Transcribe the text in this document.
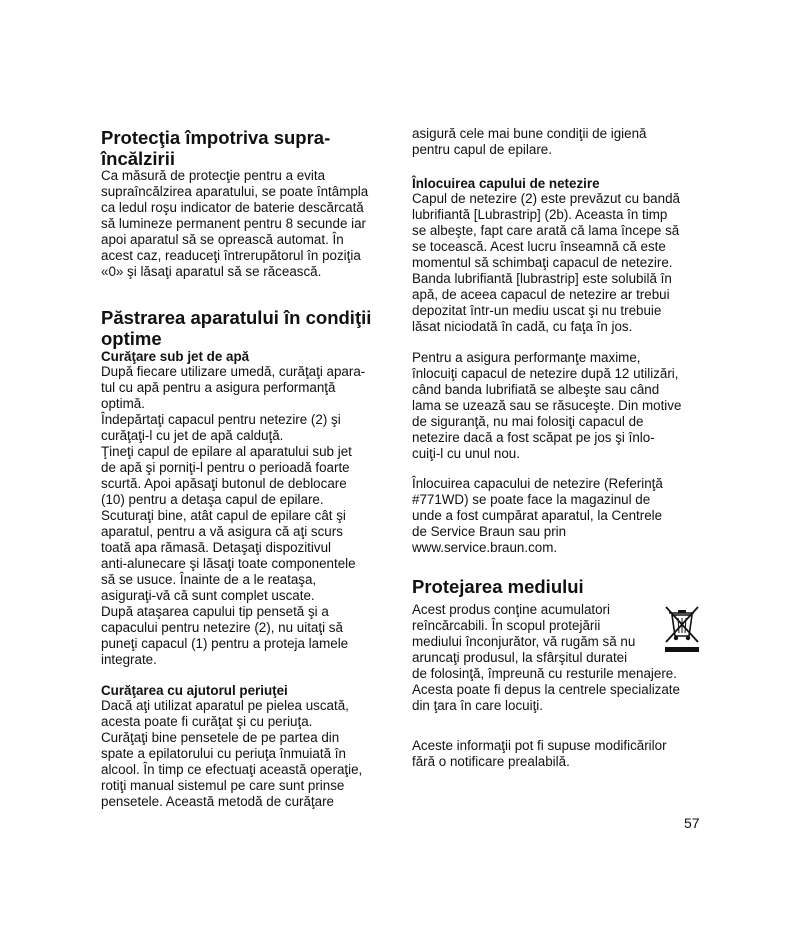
Protecţia împotriva supra-
încălzirii
Ca măsură de protecţie pentru a evita
supraîncălzirea aparatului, se poate întâmpla
ca ledul roşu indicator de baterie descărcată
să lumineze permanent pentru 8 secunde iar
apoi aparatul să se oprească automat. În
acest caz, readuceţi întrerupătorul în poziţia
«0» şi lăsaţi aparatul să se răcească.
Păstrarea aparatului în condiţii
optime
Curăţare sub jet de apă
După fiecare utilizare umedă, curăţaţi apara-
tul cu apă pentru a asigura performanţă
optimă.
Îndepărtaţi capacul pentru netezire (2) şi
curăţaţi-l cu jet de apă calduţă.
Ţineţi capul de epilare al aparatului sub jet
de apă şi porniţi-l pentru o perioadă foarte
scurtă. Apoi apăsaţi butonul de deblocare
(10) pentru a detaşa capul de epilare.
Scuturaţi bine, atât capul de epilare cât şi
aparatul, pentru a vă asigura că aţi scurs
toată apa rămasă. Detaşaţi dispozitivul
anti-alunecare şi lăsaţi toate componentele
să se usuce. Înainte de a le reataşa,
asiguraţi-vă că sunt complet uscate.
După ataşarea capului tip pensetă şi a
capacului pentru netezire (2), nu uitaţi să
puneţi capacul (1) pentru a proteja lamele
integrate.
Curăţarea cu ajutorul periuţei
Dacă aţi utilizat aparatul pe pielea uscată,
acesta poate fi curăţat şi cu periuţa.
Curăţaţi bine pensetele de pe partea din
spate a epilatorului cu periuţa înmuiată în
alcool. În timp ce efectuaţi această operaţie,
rotiţi manual sistemul pe care sunt prinse
pensetele. Această metodă de curăţare
asigură cele mai bune condiţii de igienă
pentru capul de epilare.
Înlocuirea capului de netezire
Capul de netezire (2) este prevăzut cu bandă
lubrifiantă [Lubrastrip] (2b). Aceasta în timp
se albeşte, fapt care arată că lama începe să
se tocească. Acest lucru înseamnă că este
momentul să schimbaţi capacul de netezire.
Banda lubrifiantă [lubrastrip] este solubilă în
apă, de aceea capacul de netezire ar trebui
depozitat într-un mediu uscat şi nu trebuie
lăsat niciodată în cadă, cu faţa în jos.
Pentru a asigura performanţe maxime,
înlocuiţi capacul de netezire după 12 utilizări,
când banda lubrifiată se albeşte sau când
lama se uzează sau se răsuceşte. Din motive
de siguranţă, nu mai folosiţi capacul de
netezire dacă a fost scăpat pe jos şi înlo-
cuiţi-l cu unul nou.
Înlocuirea capacului de netezire (Referinţă
#771WD) se poate face la magazinul de
unde a fost cumpărat aparatul, la Centrele
de Service Braun sau prin
www.service.braun.com.
Protejarea mediului
Acest produs conţine acumulatori
reîncărcabili. În scopul protejării
mediului înconjurător, vă rugăm să nu
aruncaţi produsul, la sfârşitul duratei
de folosinţă, împreună cu resturile menajere.
Acesta poate fi depus la centrele specializate
din ţara în care locuiţi.
Aceste informaţii pot fi supuse modificărilor
fără o notificare prealabilă.
57
